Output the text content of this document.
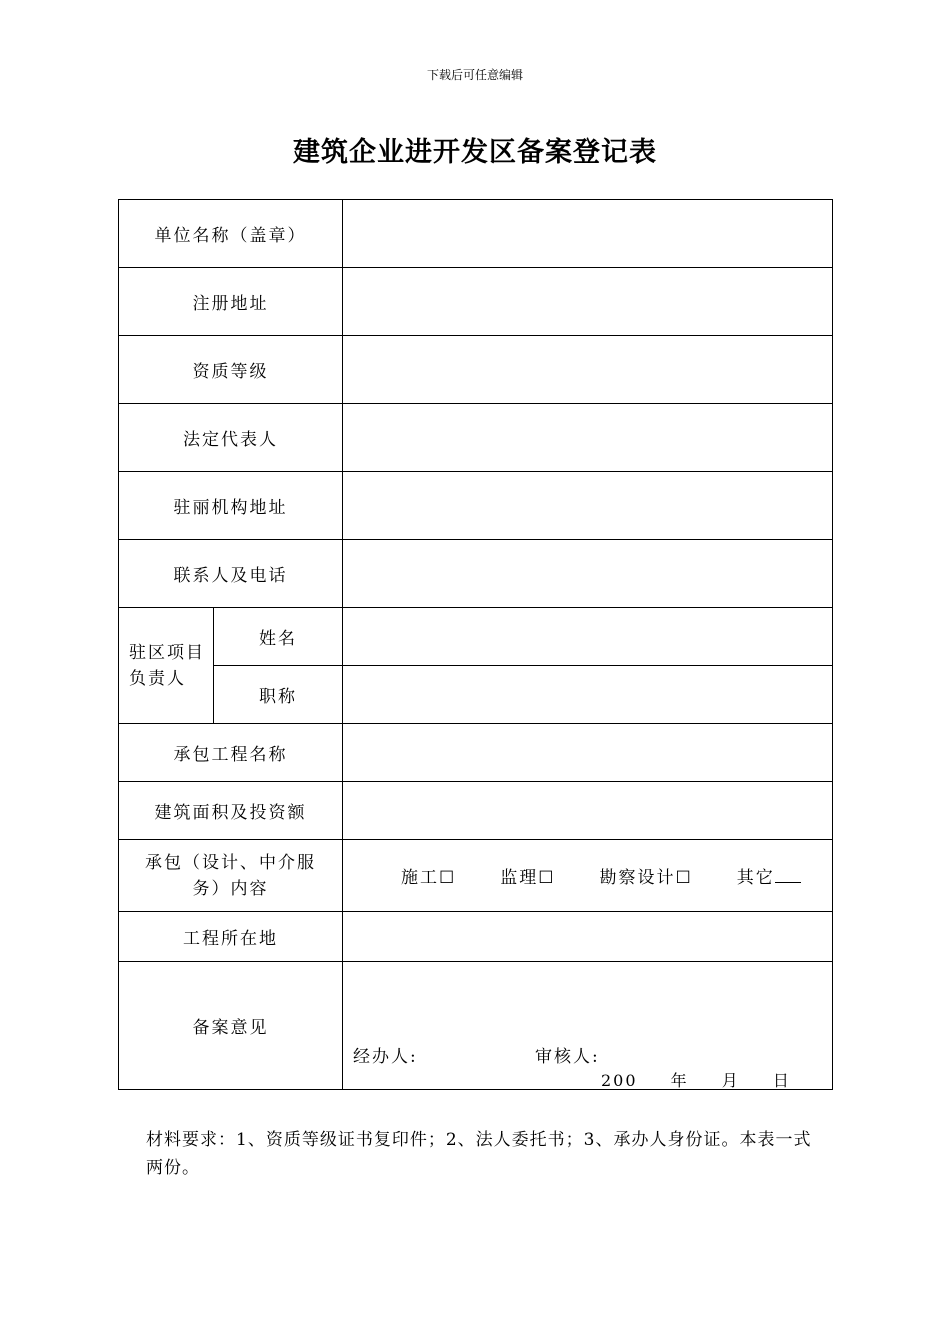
下载后可任意编辑
建筑企业进开发区备案登记表
单位名称（盖章）		
注册地址		
资质等级		
法定代表人		
驻丽机构地址		
联系人及电话		
驻区项目负责人	姓名	
	职称	
承包工程名称		
建筑面积及投资额		
承包（设计、中介服务）内容		施工☐ 监理☐ 勘察设计☐ 其它

工程所在地		
备案意见		经办人: 审核人:
200 年 月 日
材料要求：1、资质等级证书复印件；2、法人委托书；3、承办人身份证。本表一式两份。
